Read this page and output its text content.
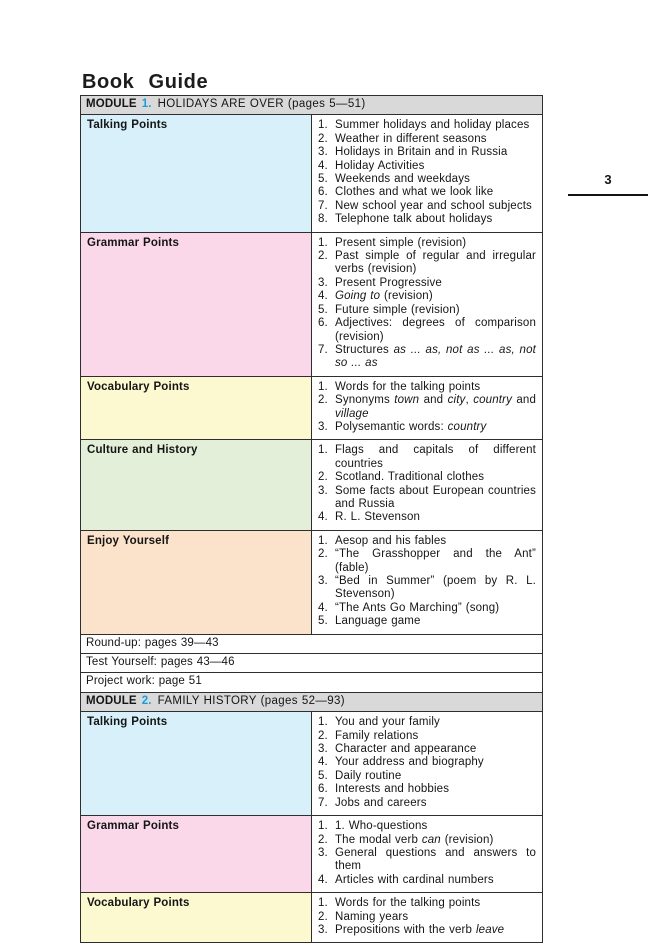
Book Guide
3
MODULE 1. HOLIDAYS ARE OVER (pages 5—51)	
Talking Points	1. Summer holidays and holiday places
2. Weather in different seasons
3. Holidays in Britain and in Russia
4. Holiday Activities
5. Weekends and weekdays
6. Clothes and what we look like
7. New school year and school subjects
8. Telephone talk about holidays

Grammar Points	1. Present simple (revision)
2. Past simple of regular and irregular verbs (revision)
3. Present Progressive
4. Going to (revision)
5. Future simple (revision)
6. Adjectives: degrees of comparison (revision)
7. Structures as ... as, not as ... as, not so ... as

Vocabulary Points	1. Words for the talking points
2. Synonyms town and city, country and village
3. Polysemantic words: country

Culture and History	1. Flags and capitals of different countries
2. Scotland. Traditional clothes
3. Some facts about European countries and Russia
4. R. L. Stevenson

Enjoy Yourself	1. Aesop and his fables
2. “The Grasshopper and the Ant” (fable)
3. “Bed in Summer” (poem by R. L. Stevenson)
4. “The Ants Go Marching” (song)
5. Language game

Round-up: pages 39—43	
Test Yourself: pages 43—46	
Project work: page 51	
MODULE 2. FAMILY HISTORY (pages 52—93)	
Talking Points	1. You and your family
2. Family relations
3. Character and appearance
4. Your address and biography
5. Daily routine
6. Interests and hobbies
7. Jobs and careers

Grammar Points	1. 1. Who-questions
2. The modal verb can (revision)
3. General questions and answers to them
4. Articles with cardinal numbers

Vocabulary Points	1. Words for the talking points
2. Naming years
3. Prepositions with the verb leave
